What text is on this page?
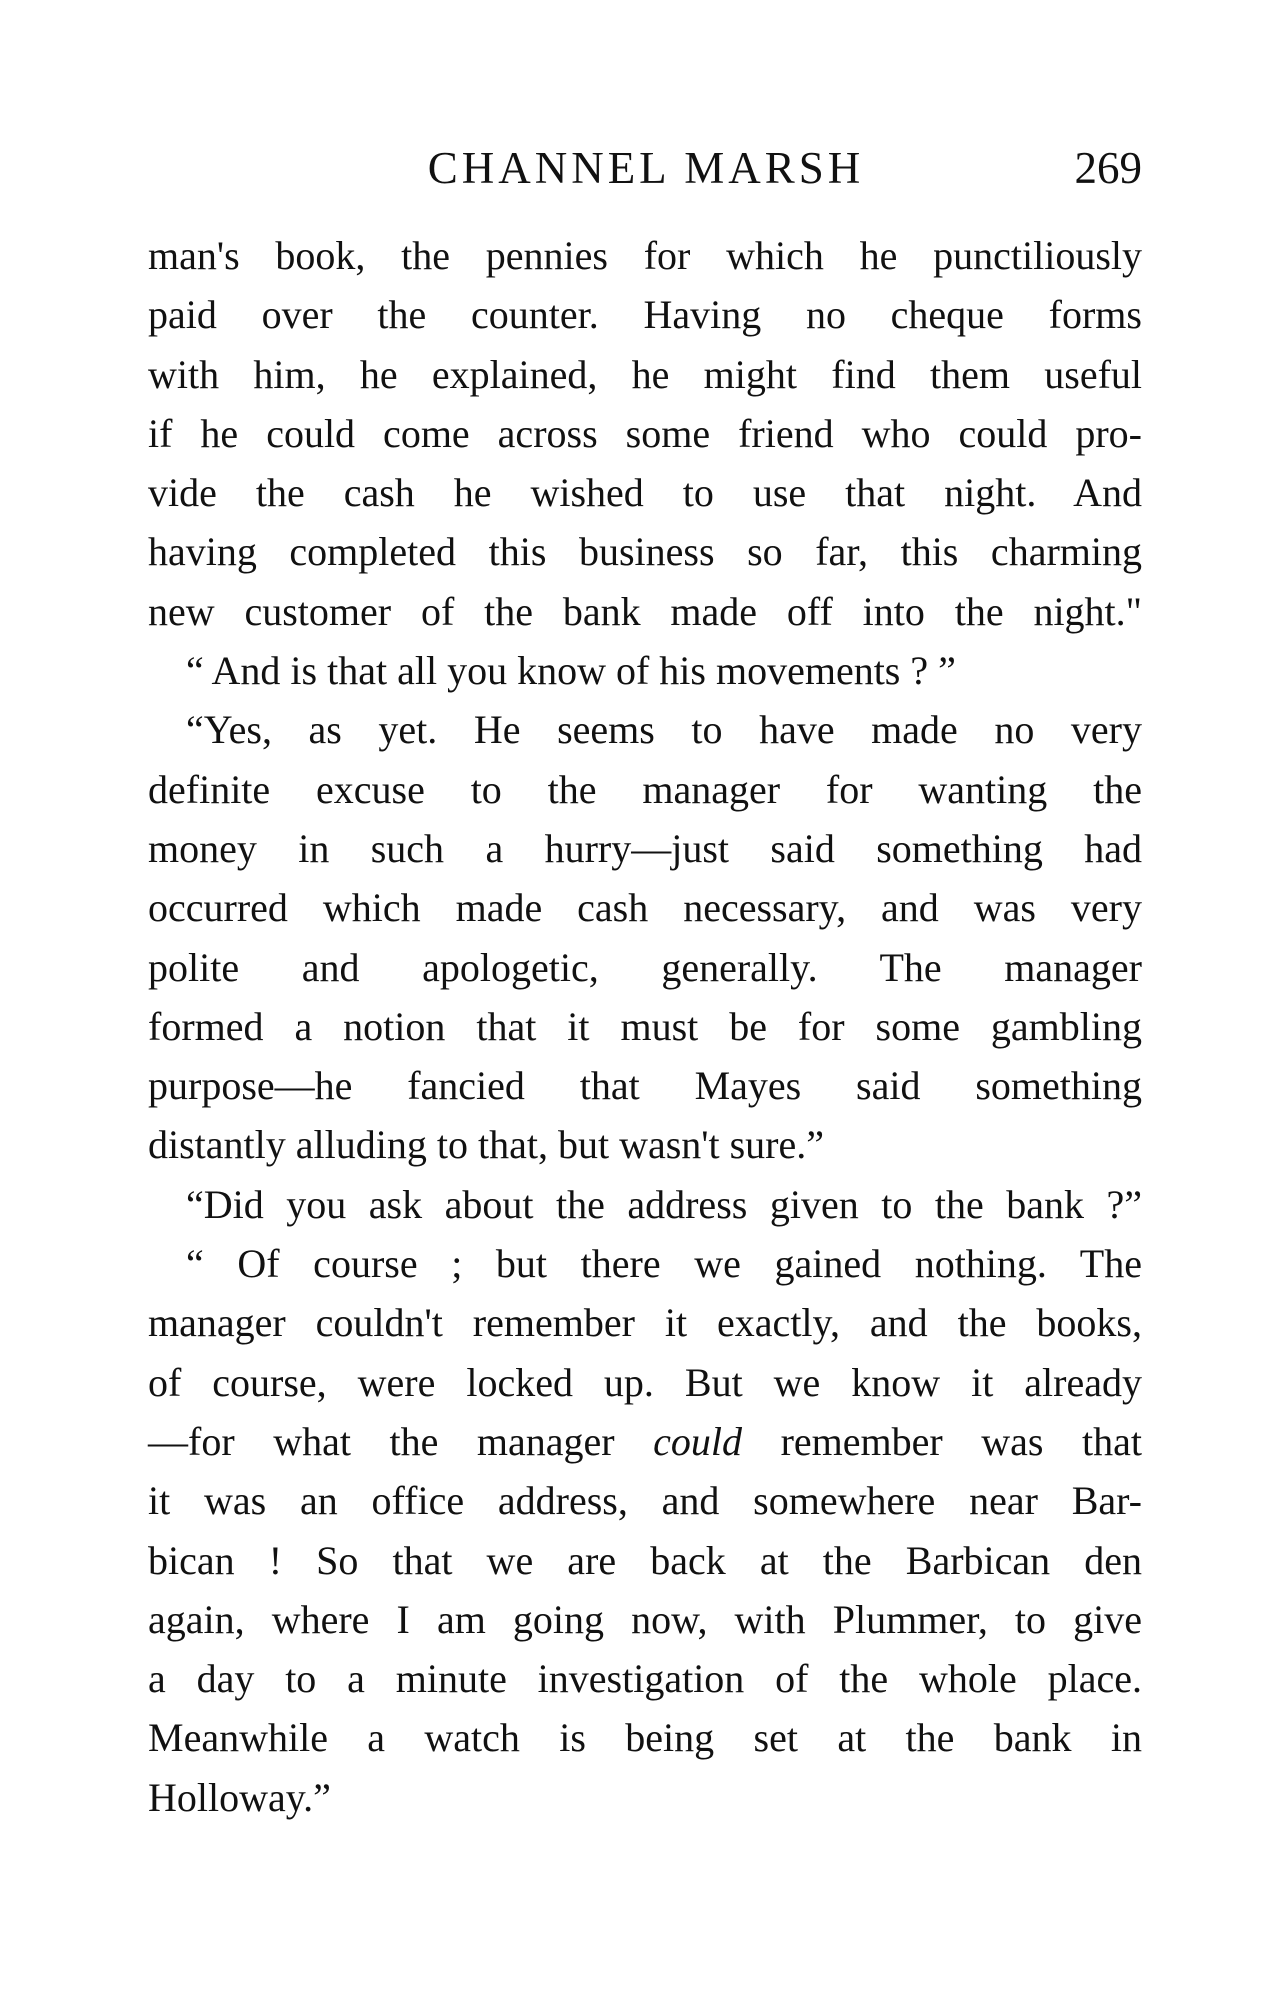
CHANNEL MARSH	269
man's book, the pennies for which he punctiliously
paid over the counter. Having no cheque forms
with him, he explained, he might find them useful
if he could come across some friend who could pro-
vide the cash he wished to use that night. And
having completed this business so far, this charming
new customer of the bank made off into the night."
“ And is that all you know of his movements ? ”
“Yes, as yet. He seems to have made no very
definite excuse to the manager for wanting the
money in such a hurry—just said something had
occurred which made cash necessary, and was very
polite and apologetic, generally. The manager
formed a notion that it must be for some gambling
purpose—he fancied that Mayes said something
distantly alluding to that, but wasn't sure.”
“Did you ask about the address given to the bank ?”
“ Of course ; but there we gained nothing. The
manager couldn't remember it exactly, and the books,
of course, were locked up. But we know it already
—for what the manager could remember was that
it was an office address, and somewhere near Bar-
bican ! So that we are back at the Barbican den
again, where I am going now, with Plummer, to give
a day to a minute investigation of the whole place.
Meanwhile a watch is being set at the bank in
Holloway.”
